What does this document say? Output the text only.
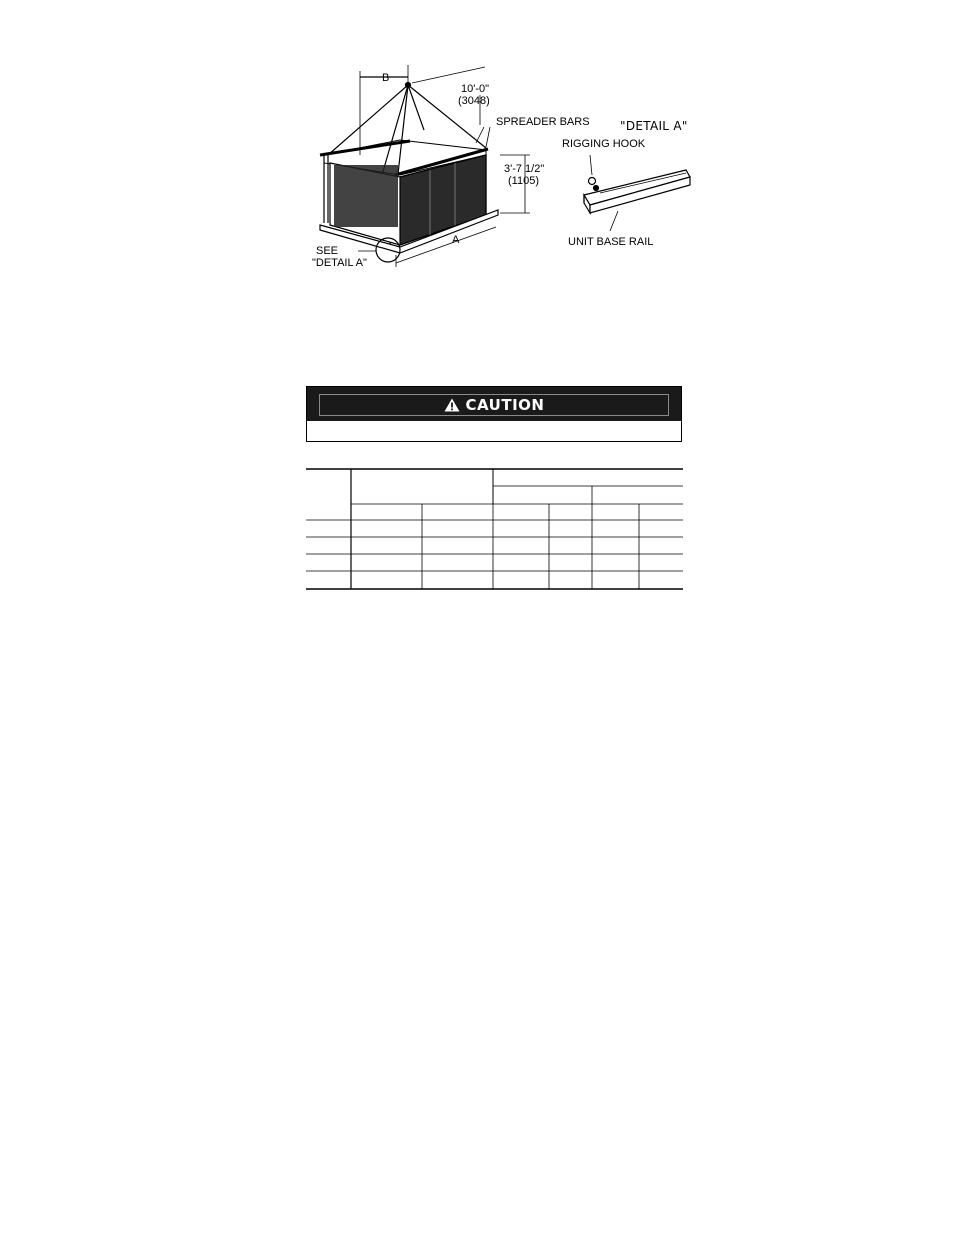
B
10'-0"
(3048)
SPREADER BARS	"DETAIL A"
RIGGING HOOK
3'-7 1/2"
(1105)
SEE
"DETAIL A"
A	UNIT BASE RAIL
CAUTION
